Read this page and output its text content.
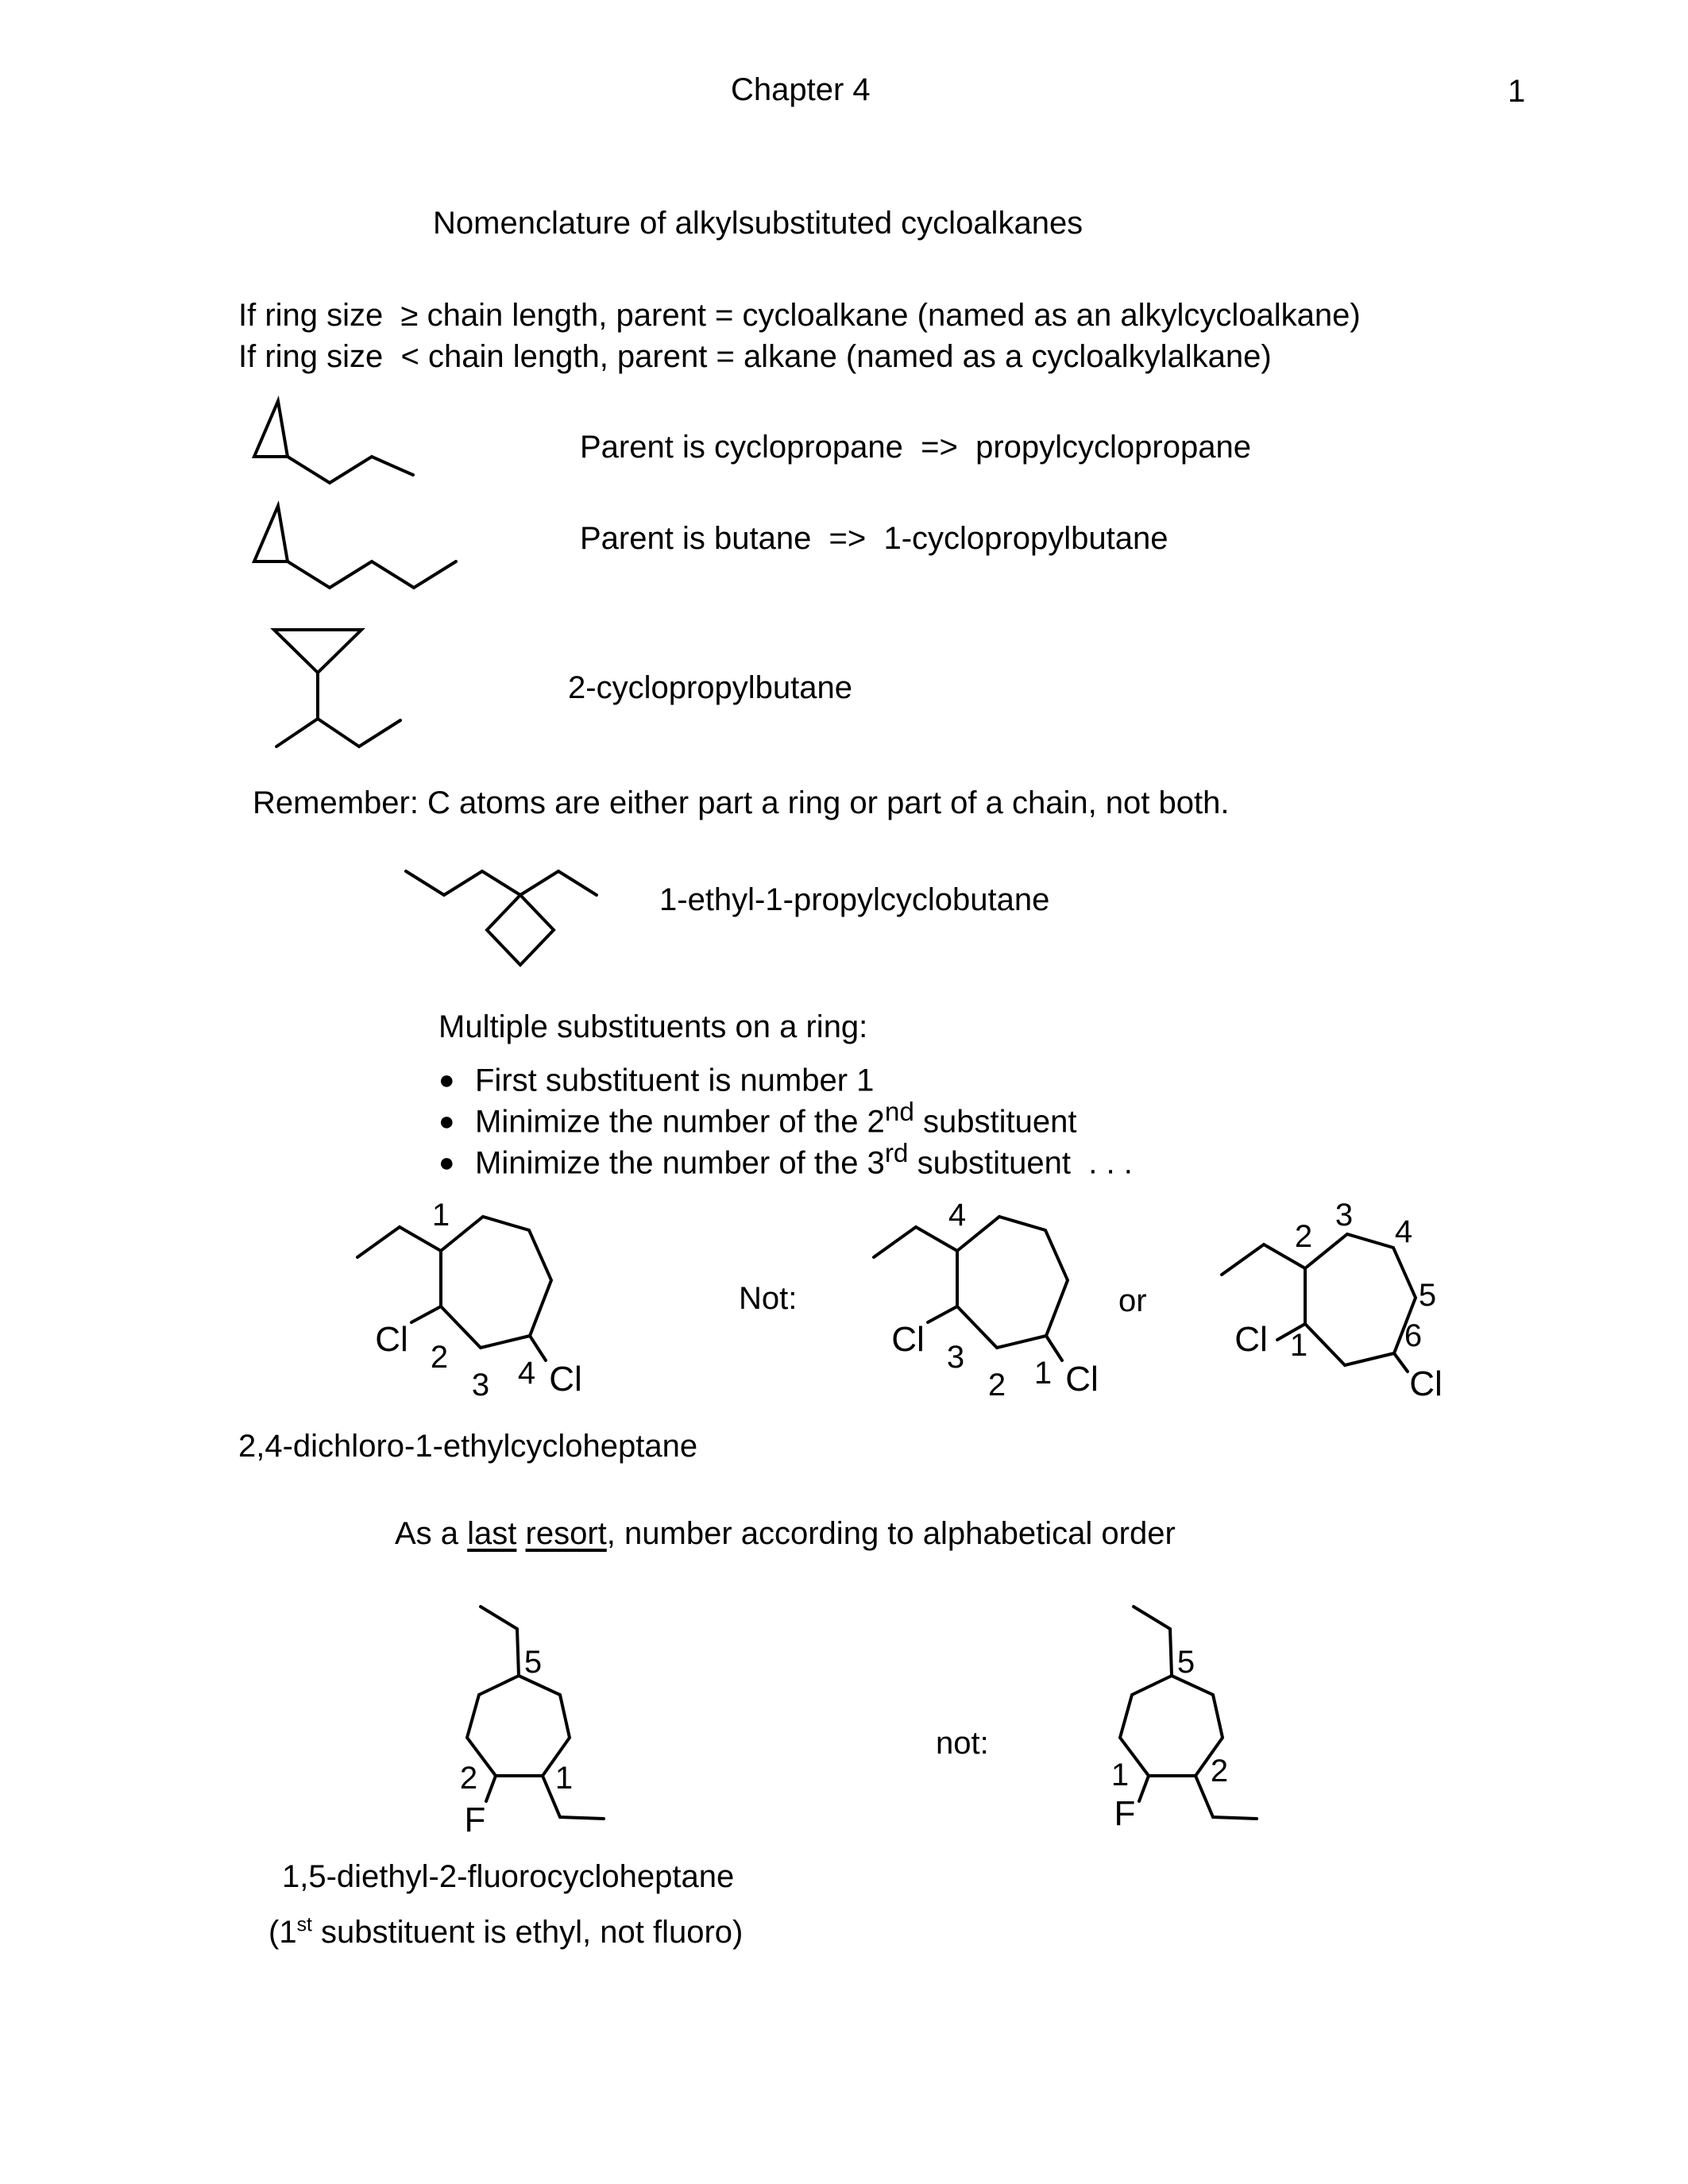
Chapter 4	1
Nomenclature of alkylsubstituted cycloalkanes
If ring size  ≥ chain length, parent = cycloalkane (named as an alkylcycloalkane)
If ring size  < chain length, parent = alkane (named as a cycloalkylalkane)
Parent is cyclopropane  =>  propylcyclopropane
Parent is butane  =>  1-cyclopropylbutane
2-cyclopropylbutane
Remember: C atoms are either part a ring or part of a chain, not both.
1-ethyl-1-propylcyclobutane
Multiple substituents on a ring:
● First substituent is number 1
● Minimize the number of the 2nd substituent
● Minimize the number of the 3rd substituent  . . .
1
Cl 2
3 4 Cl
Not:
4
Cl 3
2 1 Cl
or
2
3 4
5
6
1
Cl
Cl
2,4-dichloro-1-ethylcycloheptane
As a last resort, number according to alphabetical order
5
2 1
F
not:
1
5
2
F
1,5-diethyl-2-fluorocycloheptane
(1st substituent is ethyl, not fluoro)
